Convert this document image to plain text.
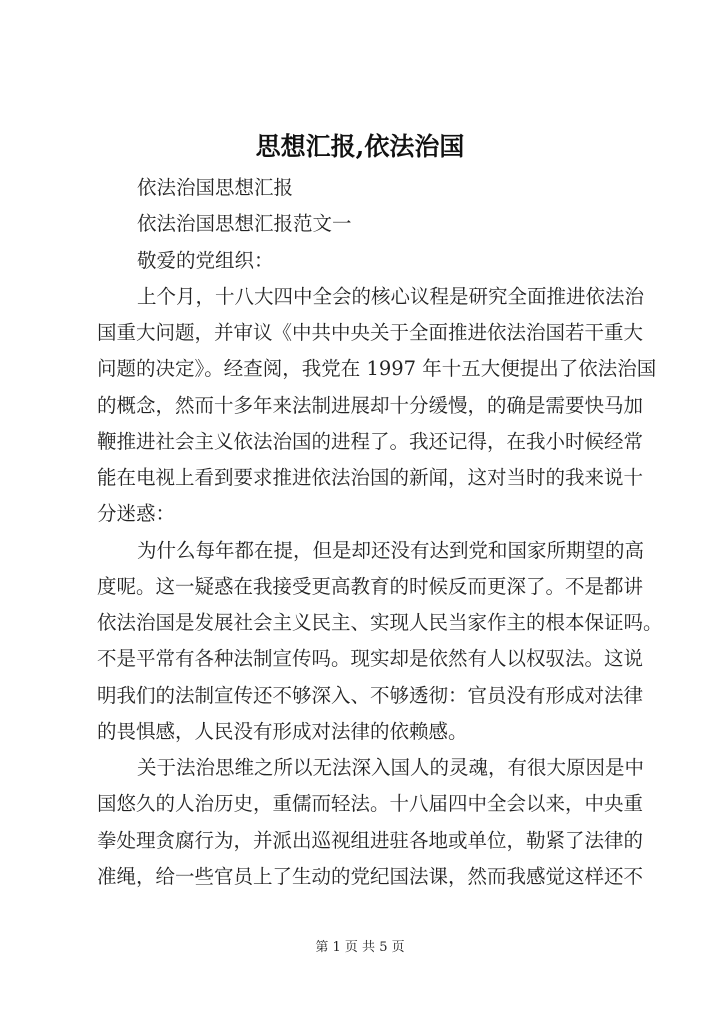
思想汇报,依法治国
依法治国思想汇报
依法治国思想汇报范文一
敬爱的党组织：
上个月，十八大四中全会的核心议程是研究全面推进依法治
国重大问题，并审议《中共中央关于全面推进依法治国若干重大
问题的决定》。经查阅，我党在 1997 年十五大便提出了依法治国
的概念，然而十多年来法制进展却十分缓慢，的确是需要快马加
鞭推进社会主义依法治国的进程了。我还记得，在我小时候经常
能在电视上看到要求推进依法治国的新闻，这对当时的我来说十
分迷惑：
为什么每年都在提，但是却还没有达到党和国家所期望的高
度呢。这一疑惑在我接受更高教育的时候反而更深了。不是都讲
依法治国是发展社会主义民主、实现人民当家作主的根本保证吗。
不是平常有各种法制宣传吗。现实却是依然有人以权驭法。这说
明我们的法制宣传还不够深入、不够透彻：官员没有形成对法律
的畏惧感，人民没有形成对法律的依赖感。
关于法治思维之所以无法深入国人的灵魂，有很大原因是中
国悠久的人治历史，重儒而轻法。十八届四中全会以来，中央重
拳处理贪腐行为，并派出巡视组进驻各地或单位，勒紧了法律的
准绳，给一些官员上了生动的党纪国法课，然而我感觉这样还不
第 1 页 共 5 页
